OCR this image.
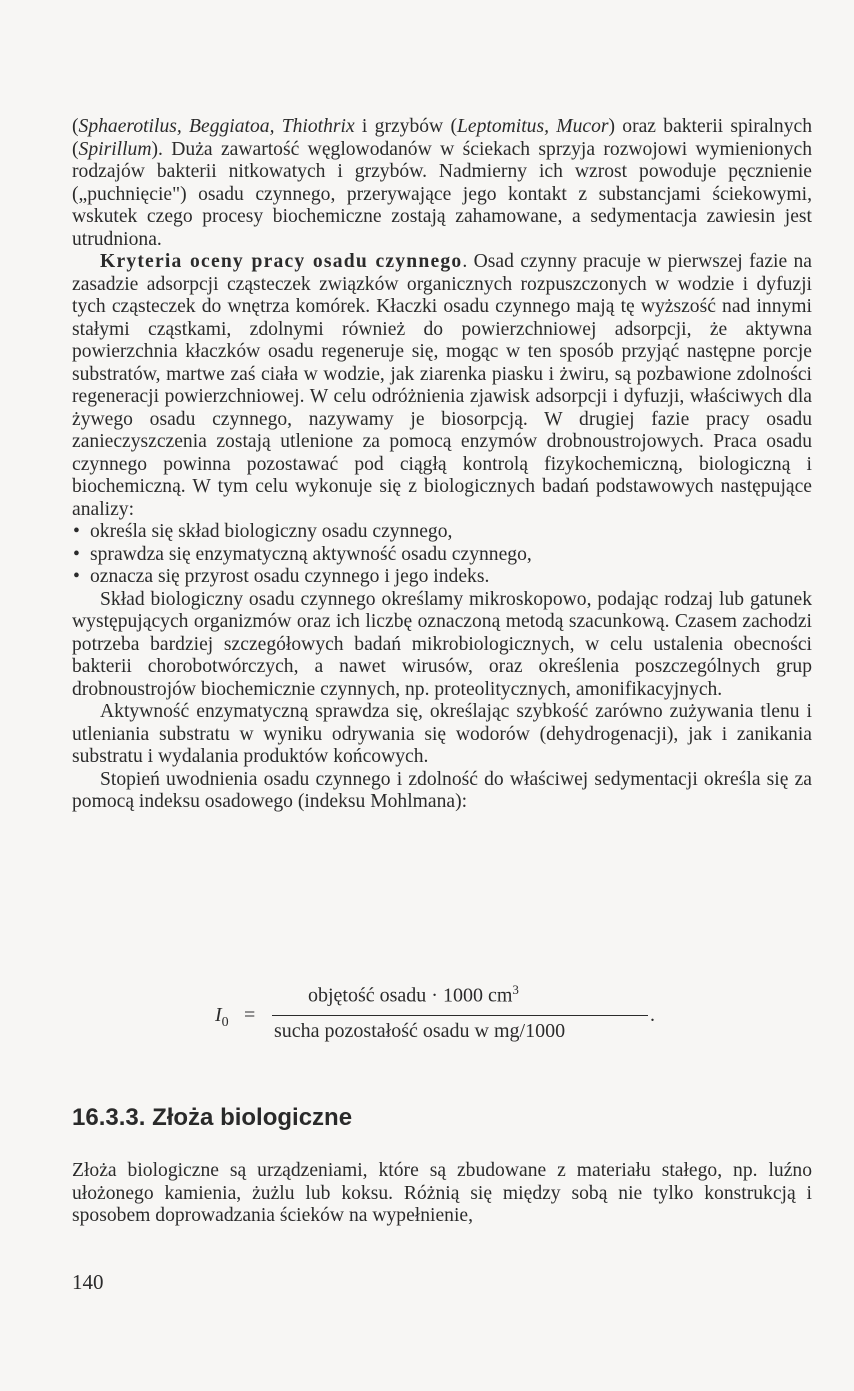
(Sphaerotilus, Beggiatoa, Thiothrix i grzybów (Leptomitus, Mucor) oraz bakterii spiralnych (Spirillum). Duża zawartość węglowodanów w ściekach sprzyja rozwojowi wymienionych rodzajów bakterii nitkowatych i grzybów. Nadmierny ich wzrost powoduje pęcznienie („puchnięcie") osadu czynnego, przerywające jego kontakt z substancjami ściekowymi, wskutek czego procesy biochemiczne zostają zahamowane, a sedymentacja zawiesin jest utrudniona.

Kryteria oceny pracy osadu czynnego. Osad czynny pracuje w pierwszej fazie na zasadzie adsorpcji cząsteczek związków organicznych rozpuszczonych w wodzie i dyfuzji tych cząsteczek do wnętrza komórek. Kłaczki osadu czynnego mają tę wyższość nad innymi stałymi cząstkami, zdolnymi również do powierzchniowej adsorpcji, że aktywna powierzchnia kłaczków osadu regeneruje się, mogąc w ten sposób przyjąć następne porcje substratów, martwe zaś ciała w wodzie, jak ziarenka piasku i żwiru, są pozbawione zdolności regeneracji powierzchniowej. W celu odróżnienia zjawisk adsorpcji i dyfuzji, właściwych dla żywego osadu czynnego, nazywamy je biosorpcją. W drugiej fazie pracy osadu zanieczyszczenia zostają utlenione za pomocą enzymów drobnoustrojowych. Praca osadu czynnego powinna pozostawać pod ciągłą kontrolą fizykochemiczną, biologiczną i biochemiczną. W tym celu wykonuje się z biologicznych badań podstawowych następujące analizy:

• określa się skład biologiczny osadu czynnego,
• sprawdza się enzymatyczną aktywność osadu czynnego,
• oznacza się przyrost osadu czynnego i jego indeks.

Skład biologiczny osadu czynnego określamy mikroskopowo, podając rodzaj lub gatunek występujących organizmów oraz ich liczbę oznaczoną metodą szacunkową. Czasem zachodzi potrzeba bardziej szczegółowych badań mikrobiologicznych, w celu ustalenia obecności bakterii chorobotwórczych, a nawet wirusów, oraz określenia poszczególnych grup drobnoustrojów biochemicznie czynnych, np. proteolitycznych, amonifikacyjnych.

Aktywność enzymatyczną sprawdza się, określając szybkość zarówno zużywania tlenu i utleniania substratu w wyniku odrywania się wodorów (dehydrogenacji), jak i zanikania substratu i wydalania produktów końcowych.

Stopień uwodnienia osadu czynnego i zdolność do właściwej sedymentacji określa się za pomocą indeksu osadowego (indeksu Mohlmana):

$I_0$ =
objętość osadu · 1000 $cm^3$
sucha pozostałość osadu w mg/1000
.
16.3.3. Złoża biologiczne

Złoża biologiczne są urządzeniami, które są zbudowane z materiału stałego, np. luźno ułożonego kamienia, żużlu lub koksu. Różnią się między sobą nie tylko konstrukcją i sposobem doprowadzania ścieków na wypełnienie,

140
